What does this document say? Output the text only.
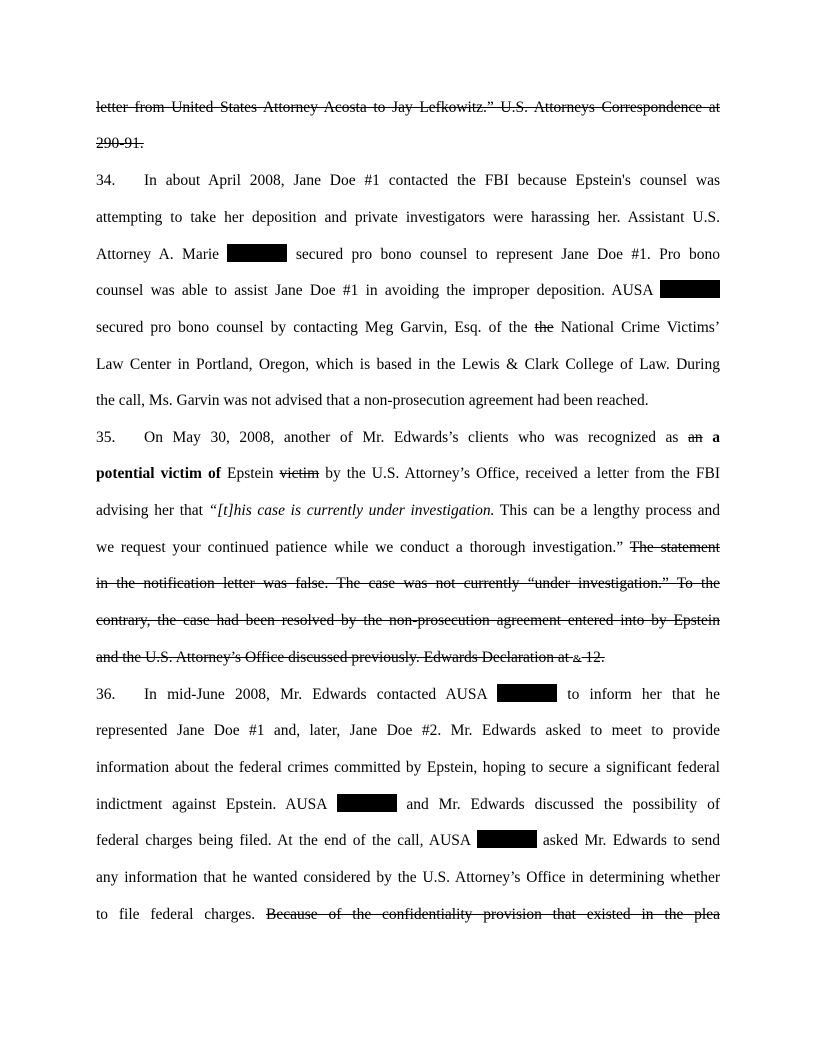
letter from United States Attorney Acosta to Jay Lefkowitz.” U.S. Attorneys Correspondence at
290-91.
34. In about April 2008, Jane Doe #1 contacted the FBI because Epstein's counsel was
attempting to take her deposition and private investigators were harassing her. Assistant U.S.
Attorney A. Marie	secured pro bono counsel to represent Jane Doe #1. Pro bono
counsel was able to assist Jane Doe #1 in avoiding the improper deposition. AUSA
secured pro bono counsel by contacting Meg Garvin, Esq. of the the National Crime Victims’
Law Center in Portland, Oregon, which is based in the Lewis & Clark College of Law. During
the call, Ms. Garvin was not advised that a non-prosecution agreement had been reached.
35. On May 30, 2008, another of Mr. Edwards’s clients who was recognized as an a
potential victim of Epstein victim by the U.S. Attorney’s Office, received a letter from the FBI
advising her that “[t]his case is currently under investigation. This can be a lengthy process and
we request your continued patience while we conduct a thorough investigation.” The statement
in the notification letter was false. The case was not currently “under investigation.” To the
contrary, the case had been resolved by the non-prosecution agreement entered into by Epstein
and the U.S. Attorney’s Office discussed previously. Edwards Declaration at & 12.
36. In mid-June 2008, Mr. Edwards contacted AUSA	to inform her that he
represented Jane Doe #1 and, later, Jane Doe #2. Mr. Edwards asked to meet to provide
information about the federal crimes committed by Epstein, hoping to secure a significant federal
indictment against Epstein. AUSA	and Mr. Edwards discussed the possibility of
federal charges being filed. At the end of the call, AUSA	asked Mr. Edwards to send
any information that he wanted considered by the U.S. Attorney’s Office in determining whether
to file federal charges. Because of the confidentiality provision that existed in the plea
